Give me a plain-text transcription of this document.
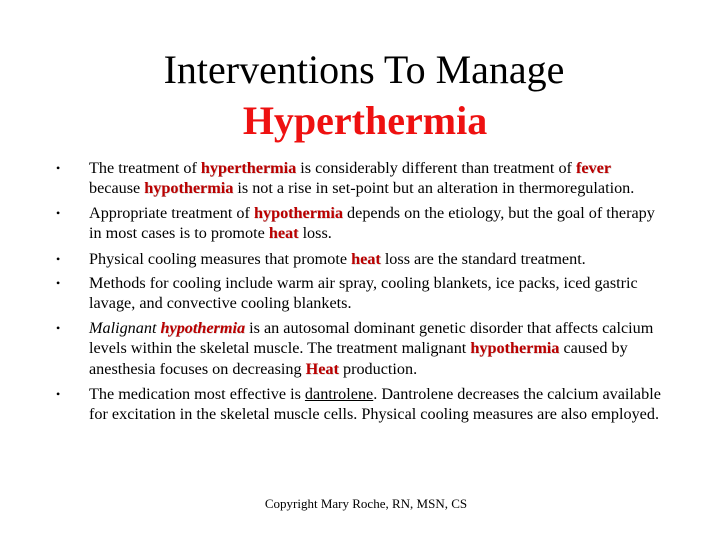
Interventions To Manage
Hyperthermia
• The treatment of hyperthermia is considerably different than treatment of fever because hypothermia is not a rise in set-point but an alteration in thermoregulation.
• Appropriate treatment of hypothermia depends on the etiology, but the goal of therapy in most cases is to promote heat loss.
• Physical cooling measures that promote heat loss are the standard treatment.
• Methods for cooling include warm air spray, cooling blankets, ice packs, iced gastric lavage, and convective cooling blankets.
• Malignant hypothermia is an autosomal dominant genetic disorder that affects calcium levels within the skeletal muscle. The treatment malignant hypothermia caused by anesthesia focuses on decreasing Heat production.
• The medication most effective is dantrolene. Dantrolene decreases the calcium available for excitation in the skeletal muscle cells. Physical cooling measures are also employed.
Copyright Mary Roche, RN, MSN, CS
